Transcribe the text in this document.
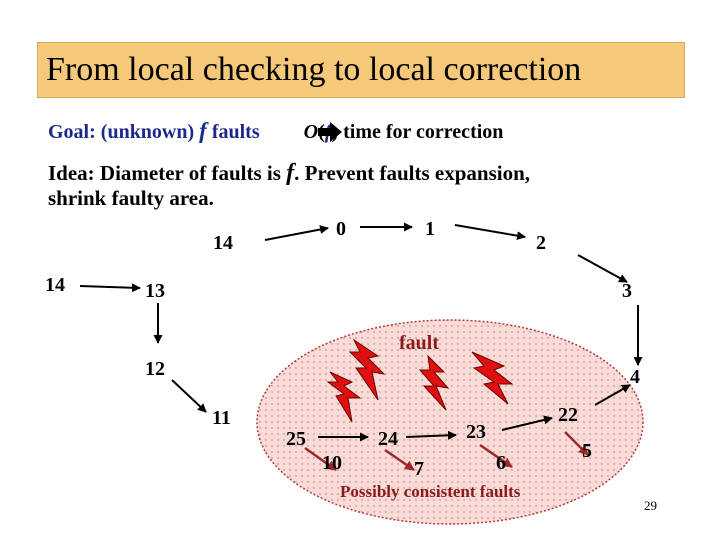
From local checking to local correction
Goal: (unknown) f faults O time for correction
Idea: Diameter of faults is f. Prevent faults expansion,
shrink faulty area.
0	1
2
3
4
14
14	13
12
11
25
10
24
7
23
6
22
5
fault
Possibly consistent faults
29
